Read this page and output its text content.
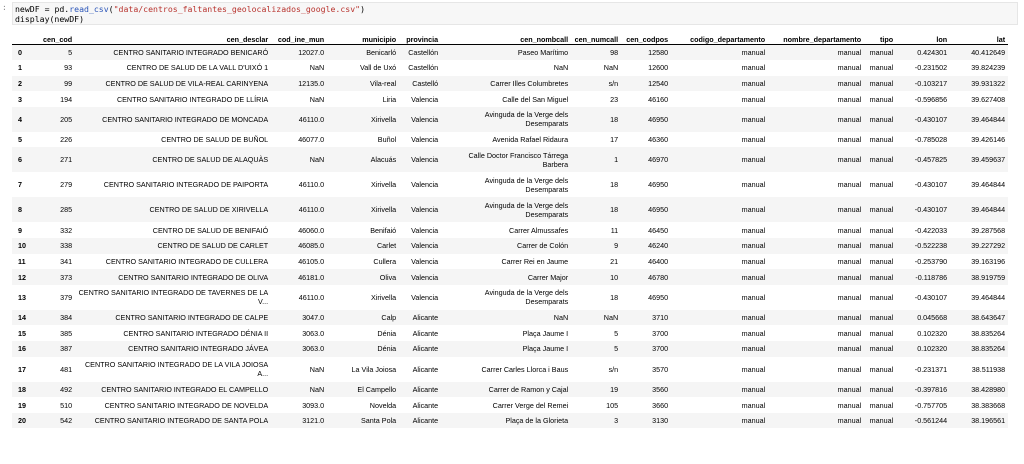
: newDF = pd.read_csv("data/centros_faltantes_geolocalizados_google.csv")
display(newDF)
	cen_cod	cen_desclar	cod_ine_mun	municipio	provincia	cen_nombcall	cen_numcall	cen_codpos	codigo_departamento	nombre_departamento	tipo	lon	lat
0	5	CENTRO SANITARIO INTEGRADO BENICARÓ	12027.0	Benicarló	Castellón	Paseo Marítimo	98	12580	manual	manual	manual	0.424301	40.412649
1	93	CENTRO DE SALUD DE LA VALL D'UIXÓ 1	NaN	Vall de Uxó	Castellón	NaN	NaN	12600	manual	manual	manual	-0.231502	39.824239
2	99	CENTRO DE SALUD DE VILA-REAL CARINYENA	12135.0	Vila-real	Castelló	Carrer Illes Columbretes	s/n	12540	manual	manual	manual	-0.103217	39.931322
3	194	CENTRO SANITARIO INTEGRADO DE LLÍRIA	NaN	Liria	Valencia	Calle del San Miguel	23	46160	manual	manual	manual	-0.596856	39.627408
4	205	CENTRO SANITARIO INTEGRADO DE MONCADA	46110.0	Xirivella	Valencia	Avinguda de la Verge dels Desemparats	18	46950	manual	manual	manual	-0.430107	39.464844
5	226	CENTRO DE SALUD DE BUÑOL	46077.0	Buñol	Valencia	Avenida Rafael Ridaura	17	46360	manual	manual	manual	-0.785028	39.426146
6	271	CENTRO DE SALUD DE ALAQUÀS	NaN	Alacuás	Valencia	Calle Doctor Francisco Tárrega Barbera	1	46970	manual	manual	manual	-0.457825	39.459637
7	279	CENTRO SANITARIO INTEGRADO DE PAIPORTA	46110.0	Xirivella	Valencia	Avinguda de la Verge dels Desemparats	18	46950	manual	manual	manual	-0.430107	39.464844
8	285	CENTRO DE SALUD DE XIRIVELLA	46110.0	Xirivella	Valencia	Avinguda de la Verge dels Desemparats	18	46950	manual	manual	manual	-0.430107	39.464844
9	332	CENTRO DE SALUD DE BENIFAIÓ	46060.0	Benifaió	Valencia	Carrer Almussafes	11	46450	manual	manual	manual	-0.422033	39.287568
10	338	CENTRO DE SALUD DE CARLET	46085.0	Carlet	Valencia	Carrer de Colón	9	46240	manual	manual	manual	-0.522238	39.227292
11	341	CENTRO SANITARIO INTEGRADO DE CULLERA	46105.0	Cullera	Valencia	Carrer Rei en Jaume	21	46400	manual	manual	manual	-0.253790	39.163196
12	373	CENTRO SANITARIO INTEGRADO DE OLIVA	46181.0	Oliva	Valencia	Carrer Major	10	46780	manual	manual	manual	-0.118786	38.919759
13	379	CENTRO SANITARIO INTEGRADO DE TAVERNES DE LA V...	46110.0	Xirivella	Valencia	Avinguda de la Verge dels Desemparats	18	46950	manual	manual	manual	-0.430107	39.464844
14	384	CENTRO SANITARIO INTEGRADO DE CALPE	3047.0	Calp	Alicante	NaN	NaN	3710	manual	manual	manual	0.045668	38.643647
15	385	CENTRO SANITARIO INTEGRADO DÉNIA II	3063.0	Dénia	Alicante	Plaça Jaume I	5	3700	manual	manual	manual	0.102320	38.835264
16	387	CENTRO SANITARIO INTEGRADO JÁVEA	3063.0	Dénia	Alicante	Plaça Jaume I	5	3700	manual	manual	manual	0.102320	38.835264
17	481	CENTRO SANITARIO INTEGRADO DE LA VILA JOIOSA A...	NaN	La Vila Joiosa	Alicante	Carrer Carles Llorca i Baus	s/n	3570	manual	manual	manual	-0.231371	38.511938
18	492	CENTRO SANITARIO INTEGRADO EL CAMPELLO	NaN	El Campello	Alicante	Carrer de Ramon y Cajal	19	3560	manual	manual	manual	-0.397816	38.428980
19	510	CENTRO SANITARIO INTEGRADO DE NOVELDA	3093.0	Novelda	Alicante	Carrer Verge del Remei	105	3660	manual	manual	manual	-0.757705	38.383668
20	542	CENTRO SANITARIO INTEGRADO DE SANTA POLA	3121.0	Santa Pola	Alicante	Plaça de la Glorieta	3	3130	manual	manual	manual	-0.561244	38.196561
